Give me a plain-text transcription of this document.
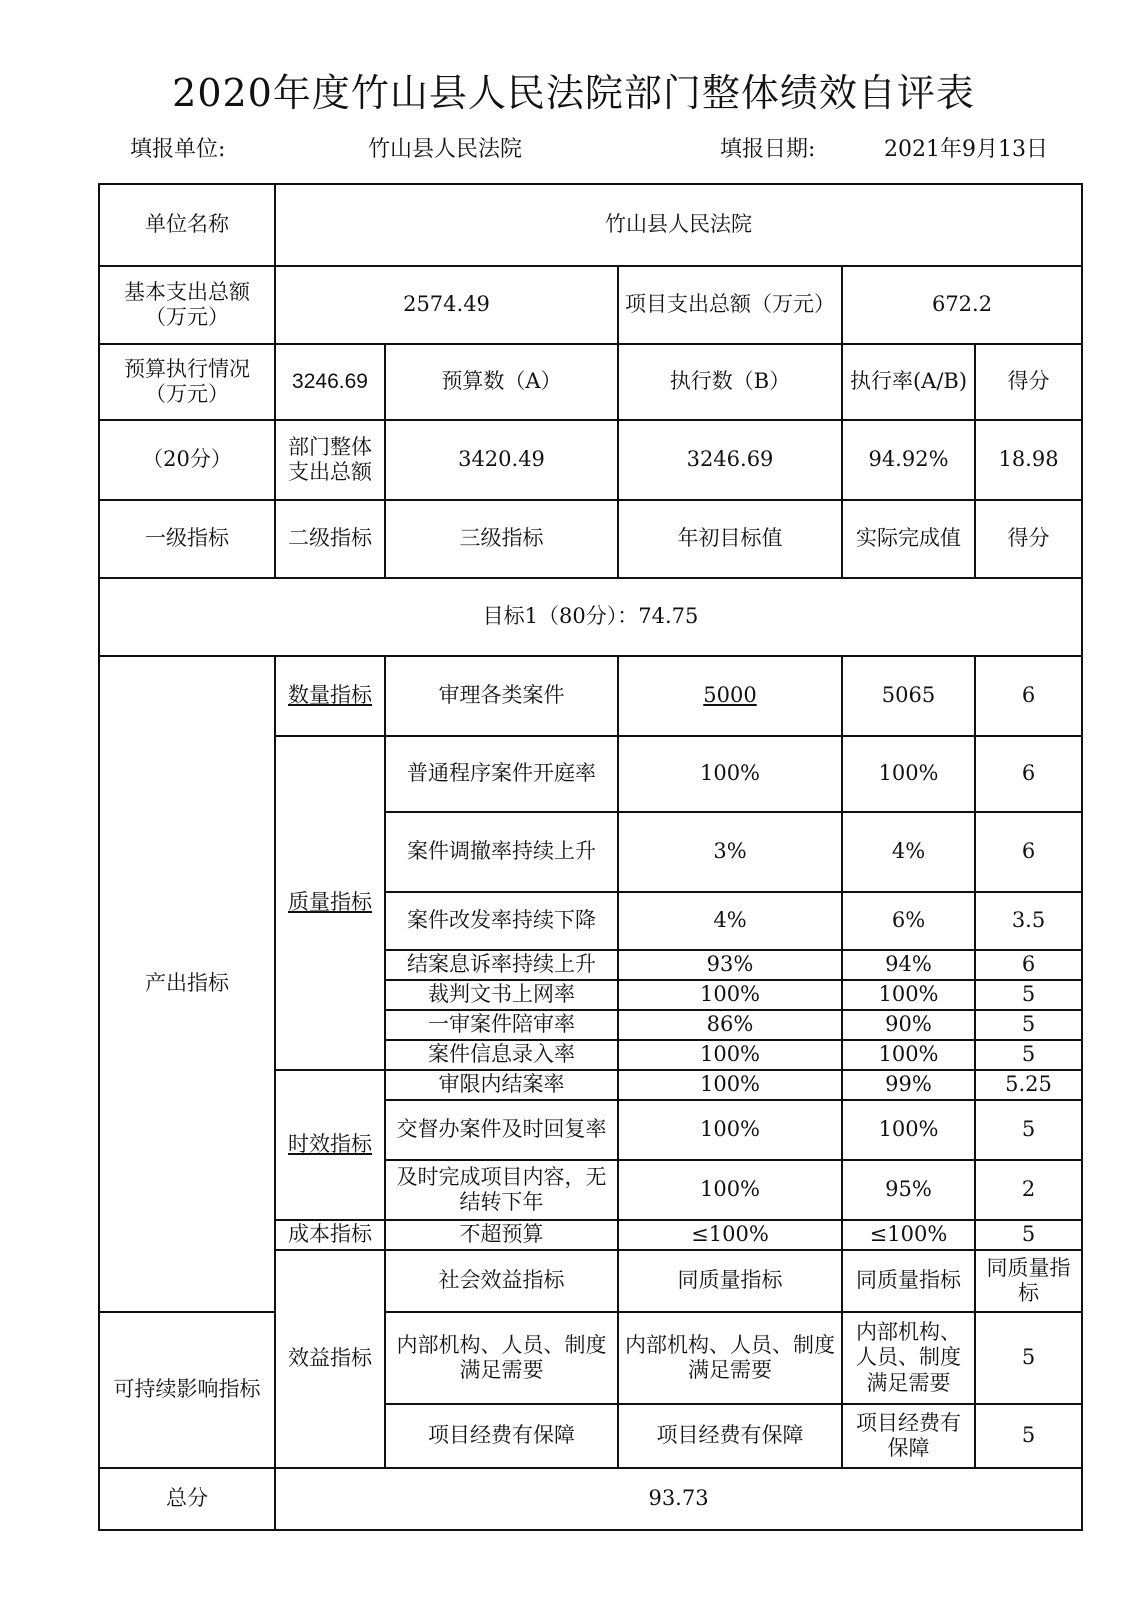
2020年度竹山县人民法院部门整体绩效自评表
填报单位:	竹山县人民法院	填报日期:	2021年9月13日
单位名称	竹山县人民法院					
基本支出总额（万元）	2574.49		项目支出总额（万元）	672.2		
预算执行情况（万元）	3246.69	预算数（A）	执行数（B）	执行率(A/B)	得分	
（20分）	部门整体支出总额	3420.49	3246.69	94.92%	18.98	
一级指标	二级指标	三级指标	年初目标值	实际完成值	得分	
目标1（80分）：74.75						
产出指标	数量指标	审理各类案件	5000	5065	6	
	质量指标	普通程序案件开庭率	100%	100%	6	
		案件调撤率持续上升	3%	4%	6	
		案件改发率持续下降	4%	6%	3.5	
		结案息诉率持续上升	93%	94%	6	
		裁判文书上网率	100%	100%	5	
		一审案件陪审率	86%	90%	5	
		案件信息录入率	100%	100%	5	
	时效指标	审限内结案率	100%	99%	5.25	
		交督办案件及时回复率	100%	100%	5	
		及时完成项目内容，无结转下年	100%	95%	2	
	成本指标	不超预算	≤100%	≤100%	5	
	效益指标	社会效益指标	同质量指标	同质量指标	同质量指标	
可持续影响指标		内部机构、人员、制度满足需要	内部机构、人员、制度满足需要	内部机构、人员、制度满足需要	5	
		项目经费有保障	项目经费有保障	项目经费有保障	5	
总分	93.73					
